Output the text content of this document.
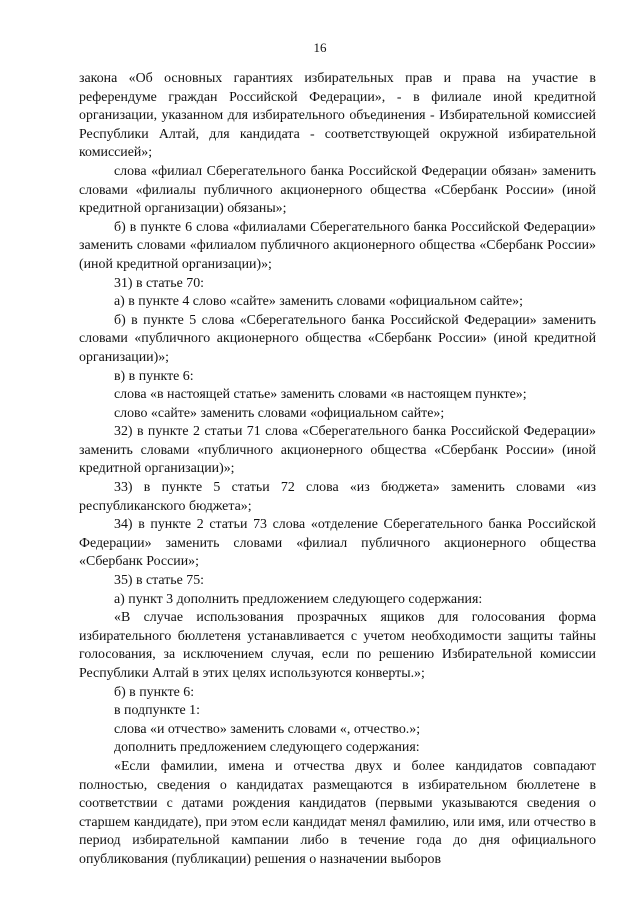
16

закона «Об основных гарантиях избирательных прав и права на участие в референдуме граждан Российской Федерации», - в филиале иной кредитной организации, указанном для избирательного объединения - Избирательной комиссией Республики Алтай, для кандидата - соответствующей окружной избирательной комиссией»;

слова «филиал Сберегательного банка Российской Федерации обязан» заменить словами «филиалы публичного акционерного общества «Сбербанк России» (иной кредитной организации) обязаны»;

б) в пункте 6 слова «филиалами Сберегательного банка Российской Федерации» заменить словами «филиалом публичного акционерного общества «Сбербанк России» (иной кредитной организации)»;

31) в статье 70:

а) в пункте 4 слово «сайте» заменить словами «официальном сайте»;

б) в пункте 5 слова «Сберегательного банка Российской Федерации» заменить словами «публичного акционерного общества «Сбербанк России» (иной кредитной организации)»;

в) в пункте 6:

слова «в настоящей статье» заменить словами «в настоящем пункте»;

слово «сайте» заменить словами «официальном сайте»;

32) в пункте 2 статьи 71 слова «Сберегательного банка Российской Федерации» заменить словами «публичного акционерного общества «Сбербанк России» (иной кредитной организации)»;

33) в пункте 5 статьи 72 слова «из бюджета» заменить словами «из республиканского бюджета»;

34) в пункте 2 статьи 73 слова «отделение Сберегательного банка Российской Федерации» заменить словами «филиал публичного акционерного общества «Сбербанк России»;

35) в статье 75:

а) пункт 3 дополнить предложением следующего содержания:

«В случае использования прозрачных ящиков для голосования форма избирательного бюллетеня устанавливается с учетом необходимости защиты тайны голосования, за исключением случая, если по решению Избирательной комиссии Республики Алтай в этих целях используются конверты.»;

б) в пункте 6:

в подпункте 1:

слова «и отчество» заменить словами «, отчество.»;

дополнить предложением следующего содержания:

«Если фамилии, имена и отчества двух и более кандидатов совпадают полностью, сведения о кандидатах размещаются в избирательном бюллетене в соответствии с датами рождения кандидатов (первыми указываются сведения о старшем кандидате), при этом если кандидат менял фамилию, или имя, или отчество в период избирательной кампании либо в течение года до дня официального опубликования (публикации) решения о назначении выборов
